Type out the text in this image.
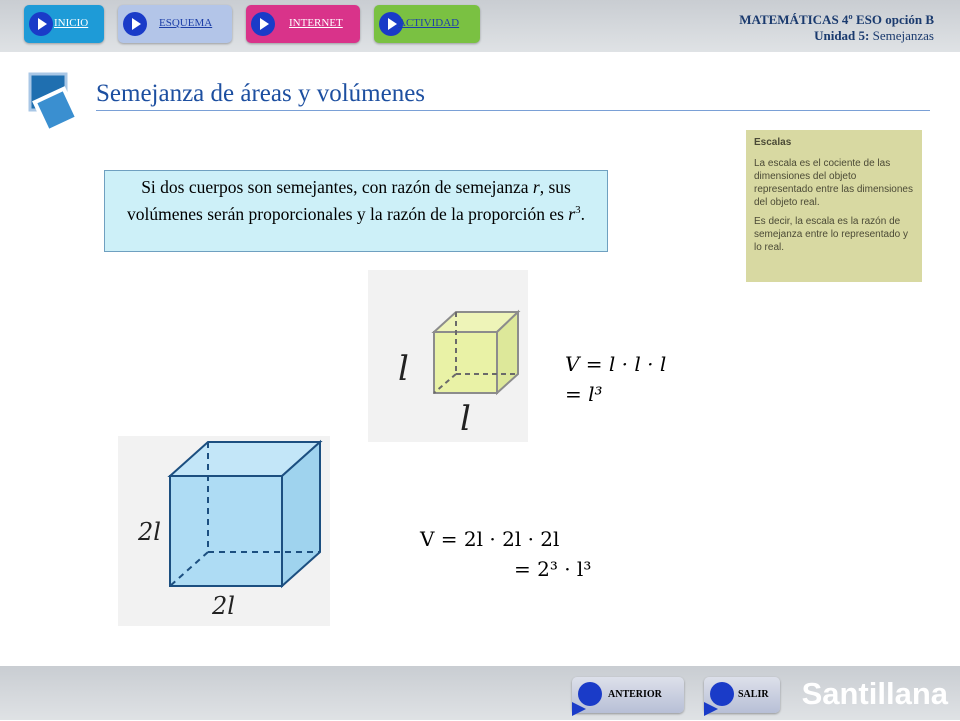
INICIO	ESQUEMA	INTERNET	ACTIVIDAD	MATEMÁTICAS 4º ESO opción B
Unidad 5: Semejanzas
Semejanza de áreas y volúmenes
Si dos cuerpos son semejantes, con razón de semejanza r, sus volúmenes serán proporcionales y la razón de la proporción es $r^3$.
Escalas

La escala es el cociente de las dimensiones del objeto representado entre las dimensiones del objeto real.

Es decir, la escala es la razón de semejanza entre lo representado y lo real.

l
l
2l
2l
V = l · l · l
= l³
V = 2l · 2l · 2l
= 2³ · l³
ANTERIOR	SALIR Santillana
